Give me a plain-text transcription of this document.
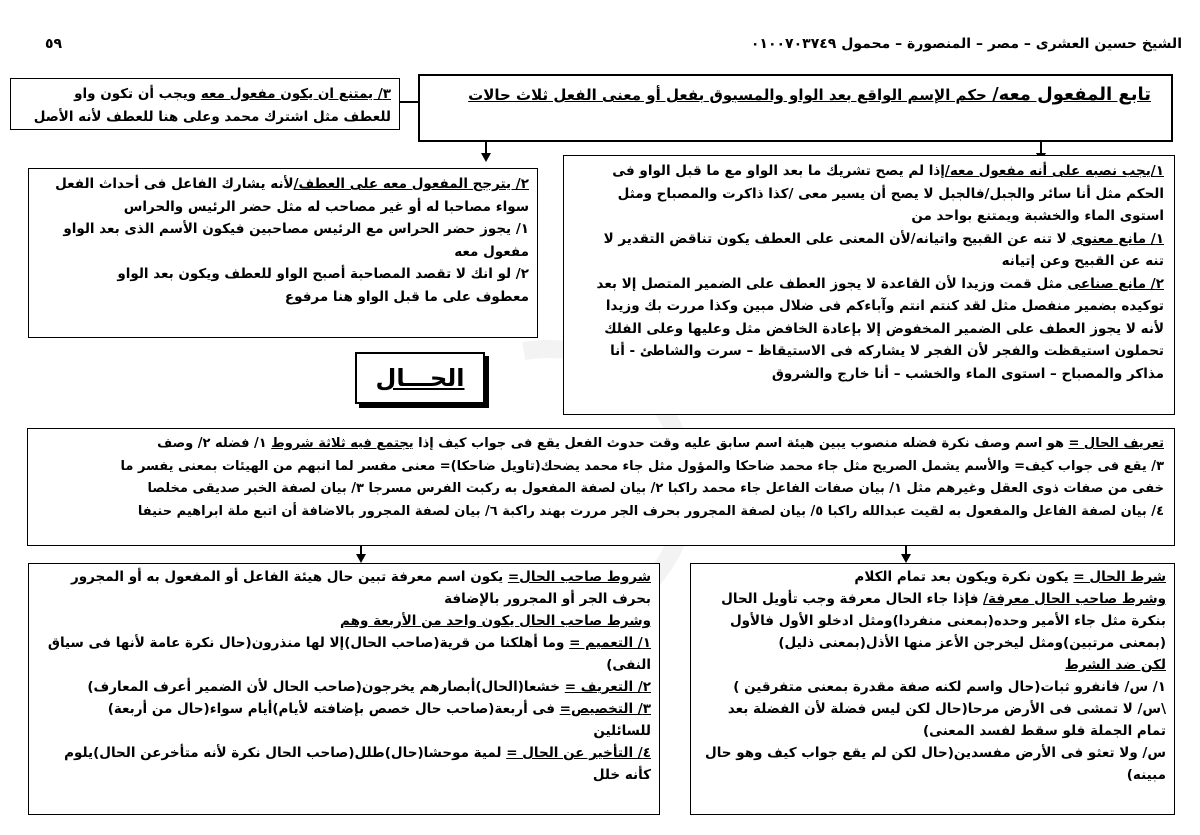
الشيخ حسين العشرى – مصر – المنصورة – محمول ٠١٠٠٧٠٣٧٤٩
٥٩
تابع المفعول معه/ حكم الإسم الواقع بعد الواو والمسبوق بفعل أو معنى الفعل ثلاث حالات
٣/ يمتنع ان يكون مفعول معه ويجب أن تكون واو
للعطف مثل اشترك محمد وعلى هنا للعطف لأنه الأصل
١/يجب نصبه على أنه مفعول معه/إذا لم يصح تشريك ما بعد الواو مع ما قبل الواو فى
الحكم مثل أنا سائر والجبل/فالجبل لا يصح أن يسير معى /كذا ذاكرت والمصباح ومثل
استوى الماء والخشبة ويمتنع بواحد من
١/ مانع معنوى لا تنه عن القبيح واتيانه/لأن المعنى على العطف يكون تناقض التقدير لا
تنه عن القبيح وعن إتيانه
٢/ مانع صناعى مثل قمت وزيدا لأن القاعدة لا يجوز العطف على الضمير المتصل إلا بعد
توكيده بضمير منفصل مثل لقد كنتم انتم وآباءكم فى ضلال مبين وكذا مررت بك وزيدا
لأنه لا يجوز العطف على الضمير المخفوض إلا بإعادة الخافض مثل وعليها وعلى الفلك
تحملون استيقظت والفجر لأن الفجر لا يشاركه فى الاستيقاظ – سرت والشاطئ - أنا
مذاكر والمصباح – استوى الماء والخشب – أنا خارج والشروق
٢/ يترجح المفعول معه على العطف/لأنه يشارك الفاعل فى أحداث الفعل
سواء مصاحبا له أو غير مصاحب له مثل حضر الرئيس والحراس
١/ يجوز حضر الحراس مع الرئيس مصاحبين فيكون الأسم الذى بعد الواو
مفعول معه
٢/ لو انك لا تقصد المصاحبة أصبح الواو للعطف ويكون بعد الواو
معطوف على ما قبل الواو هنا مرفوع
الحـــال
تعريف الحال = هو اسم وصف نكرة فضله منصوب يبين هيئة اسم سابق عليه وقت حدوث الفعل يقع فى جواب كيف إذا يجتمع فيه ثلاثة شروط ١/ فضله ٢/ وصف
٣/ يقع فى جواب كيف= والأسم يشمل الصريح مثل جاء محمد ضاحكا والمؤول مثل جاء محمد يضحك(تاويل ضاحكا)= معنى مفسر لما انبهم من الهيئات بمعنى يفسر ما
خفى من صفات ذوى العقل وغيرهم مثل ١/ بيان صفات الفاعل جاء محمد راكبا ٢/ بيان لصفة المفعول به ركبت الفرس مسرجا ٣/ بيان لصفة الخبر صديقى مخلصا
٤/ بيان لصفة الفاعل والمفعول به لقيت عبدالله راكبا ٥/ بيان لصفة المجرور بحرف الجر مررت بهند راكبة ٦/ بيان لصفة المجرور بالاضافة أن اتبع ملة ابراهيم حنيفا
شروط صاحب الحال= يكون اسم معرفة تبين حال هيئة الفاعل أو المفعول به أو المجرور
بحرف الجر أو المجرور بالإضافة
وشرط صاحب الحال يكون واحد من الأربعة وهم
١/ التعميم = وما أهلكنا من قرية(صاحب الحال)إلا لها منذرون(حال نكرة عامة لأنها فى سياق
النفى)
٢/ التعريف = خشعا(الحال)أبصارهم يخرجون(صاحب الحال لأن الضمير أعرف المعارف)
٣/ التخصيص= فى أربعة(صاحب حال خصص بإضافته لأيام)أيام سواء(حال من أربعة)
للسائلين
٤/ التأخير عن الحال = لمية موحشا(حال)طلل(صاحب الحال نكرة لأنه متأخرعن الحال)يلوم
كأنه خلل
شرط الحال = يكون نكرة ويكون بعد تمام الكلام
وشرط صاحب الحال معرفة/ فإذا جاء الحال معرفة وجب تأويل الحال
بنكرة مثل جاء الأمير وحده(بمعنى منفردا)ومثل ادخلو الأول فالأول
(بمعنى مرتبين)ومثل ليخرجن الأعز منها الأذل(بمعنى ذليل)
لكن ضد الشرط
١/ س/ فانفرو ثبات(حال واسم لكنه صفة مقدرة بمعنى متفرقين )
\س/ لا تمشى فى الأرض مرحا(حال لكن ليس فضلة لأن الفضلة بعد
تمام الجملة فلو سقط لفسد المعنى)
س/ ولا تعثو فى الأرض مفسدين(حال لكن لم يقع جواب كيف وهو حال
مبينه)
